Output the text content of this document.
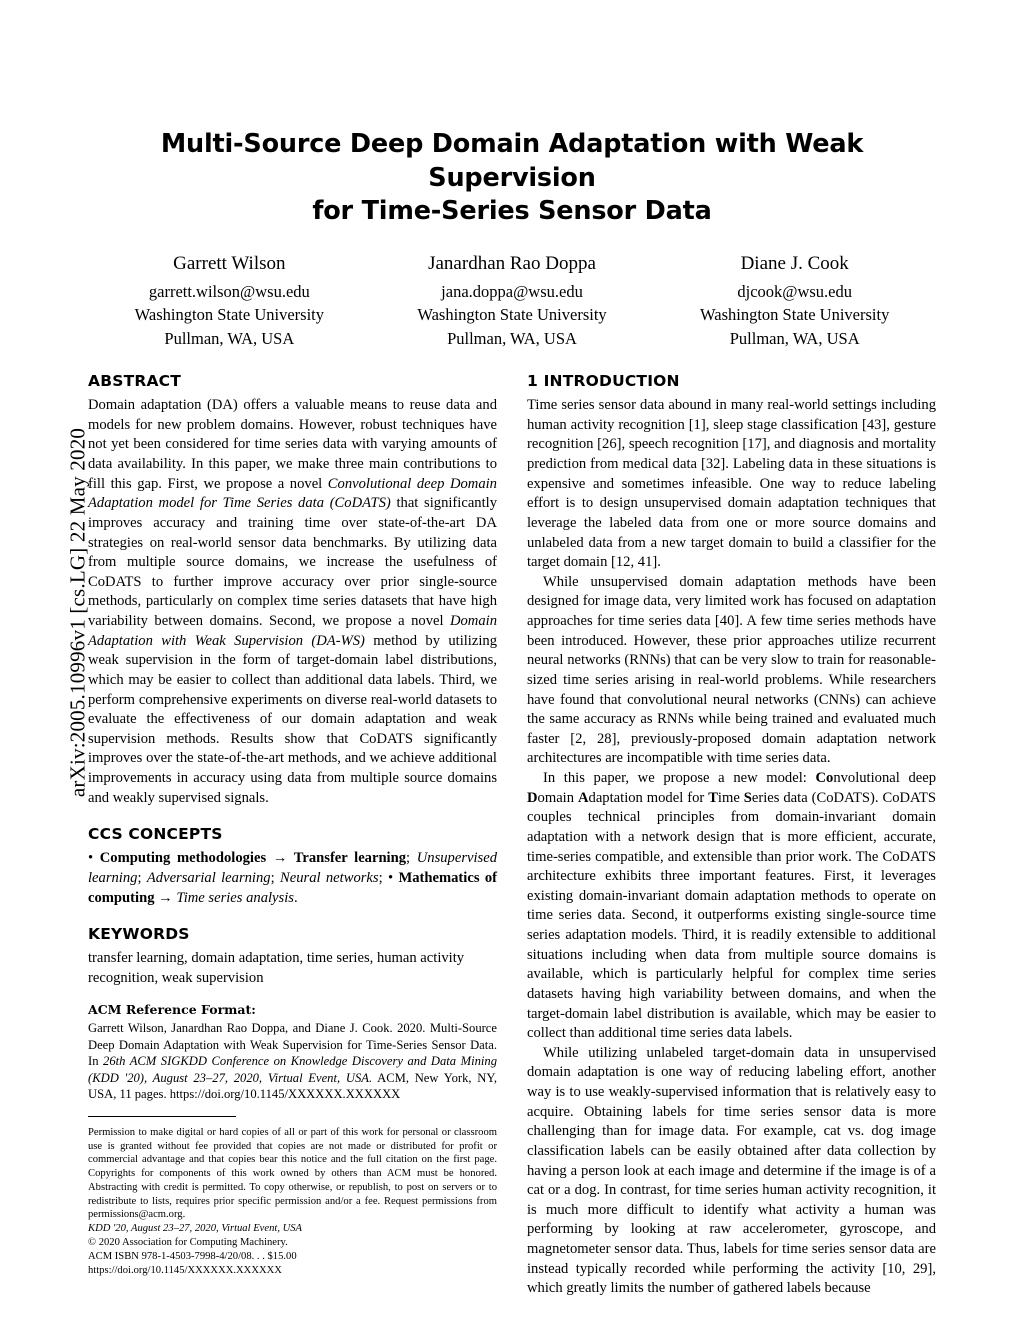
arXiv:2005.10996v1 [cs.LG] 22 May 2020
Multi-Source Deep Domain Adaptation with Weak Supervision
for Time-Series Sensor Data
Garrett Wilson
garrett.wilson@wsu.edu
Washington State University
Pullman, WA, USA
Janardhan Rao Doppa
jana.doppa@wsu.edu
Washington State University
Pullman, WA, USA
Diane J. Cook
djcook@wsu.edu
Washington State University
Pullman, WA, USA
ABSTRACT

Domain adaptation (DA) offers a valuable means to reuse data and models for new problem domains. However, robust techniques have not yet been considered for time series data with varying amounts of data availability. In this paper, we make three main contributions to fill this gap. First, we propose a novel Convolutional deep Domain Adaptation model for Time Series data (CoDATS) that significantly improves accuracy and training time over state-of-the-art DA strategies on real-world sensor data benchmarks. By utilizing data from multiple source domains, we increase the usefulness of CoDATS to further improve accuracy over prior single-source methods, particularly on complex time series datasets that have high variability between domains. Second, we propose a novel Domain Adaptation with Weak Supervision (DA-WS) method by utilizing weak supervision in the form of target-domain label distributions, which may be easier to collect than additional data labels. Third, we perform comprehensive experiments on diverse real-world datasets to evaluate the effectiveness of our domain adaptation and weak supervision methods. Results show that CoDATS significantly improves over the state-of-the-art methods, and we achieve additional improvements in accuracy using data from multiple source domains and weakly supervised signals.

CCS CONCEPTS

• Computing methodologies → Transfer learning; Unsupervised learning; Adversarial learning; Neural networks; • Mathematics of computing → Time series analysis.

KEYWORDS

transfer learning, domain adaptation, time series, human activity recognition, weak supervision

ACM Reference Format:

Garrett Wilson, Janardhan Rao Doppa, and Diane J. Cook. 2020. Multi-Source Deep Domain Adaptation with Weak Supervision for Time-Series Sensor Data. In 26th ACM SIGKDD Conference on Knowledge Discovery and Data Mining (KDD '20), August 23–27, 2020, Virtual Event, USA. ACM, New York, NY, USA, 11 pages. https://doi.org/10.1145/XXXXXX.XXXXXX

Permission to make digital or hard copies of all or part of this work for personal or classroom use is granted without fee provided that copies are not made or distributed for profit or commercial advantage and that copies bear this notice and the full citation on the first page. Copyrights for components of this work owned by others than ACM must be honored. Abstracting with credit is permitted. To copy otherwise, or republish, to post on servers or to redistribute to lists, requires prior specific permission and/or a fee. Request permissions from permissions@acm.org.

KDD '20, August 23–27, 2020, Virtual Event, USA

© 2020 Association for Computing Machinery.

ACM ISBN 978-1-4503-7998-4/20/08. . . $15.00

https://doi.org/10.1145/XXXXXX.XXXXXX

1 INTRODUCTION

Time series sensor data abound in many real-world settings including human activity recognition [1], sleep stage classification [43], gesture recognition [26], speech recognition [17], and diagnosis and mortality prediction from medical data [32]. Labeling data in these situations is expensive and sometimes infeasible. One way to reduce labeling effort is to design unsupervised domain adaptation techniques that leverage the labeled data from one or more source domains and unlabeled data from a new target domain to build a classifier for the target domain [12, 41].

While unsupervised domain adaptation methods have been designed for image data, very limited work has focused on adaptation approaches for time series data [40]. A few time series methods have been introduced. However, these prior approaches utilize recurrent neural networks (RNNs) that can be very slow to train for reasonable-sized time series arising in real-world problems. While researchers have found that convolutional neural networks (CNNs) can achieve the same accuracy as RNNs while being trained and evaluated much faster [2, 28], previously-proposed domain adaptation network architectures are incompatible with time series data.

In this paper, we propose a new model: Convolutional deep Domain Adaptation model for Time Series data (CoDATS). CoDATS couples technical principles from domain-invariant domain adaptation with a network design that is more efficient, accurate, time-series compatible, and extensible than prior work. The CoDATS architecture exhibits three important features. First, it leverages existing domain-invariant domain adaptation methods to operate on time series data. Second, it outperforms existing single-source time series adaptation models. Third, it is readily extensible to additional situations including when data from multiple source domains is available, which is particularly helpful for complex time series datasets having high variability between domains, and when the target-domain label distribution is available, which may be easier to collect than additional time series data labels.

While utilizing unlabeled target-domain data in unsupervised domain adaptation is one way of reducing labeling effort, another way is to use weakly-supervised information that is relatively easy to acquire. Obtaining labels for time series sensor data is more challenging than for image data. For example, cat vs. dog image classification labels can be easily obtained after data collection by having a person look at each image and determine if the image is of a cat or a dog. In contrast, for time series human activity recognition, it is much more difficult to identify what activity a human was performing by looking at raw accelerometer, gyroscope, and magnetometer sensor data. Thus, labels for time series sensor data are instead typically recorded while performing the activity [10, 29], which greatly limits the number of gathered labels because
